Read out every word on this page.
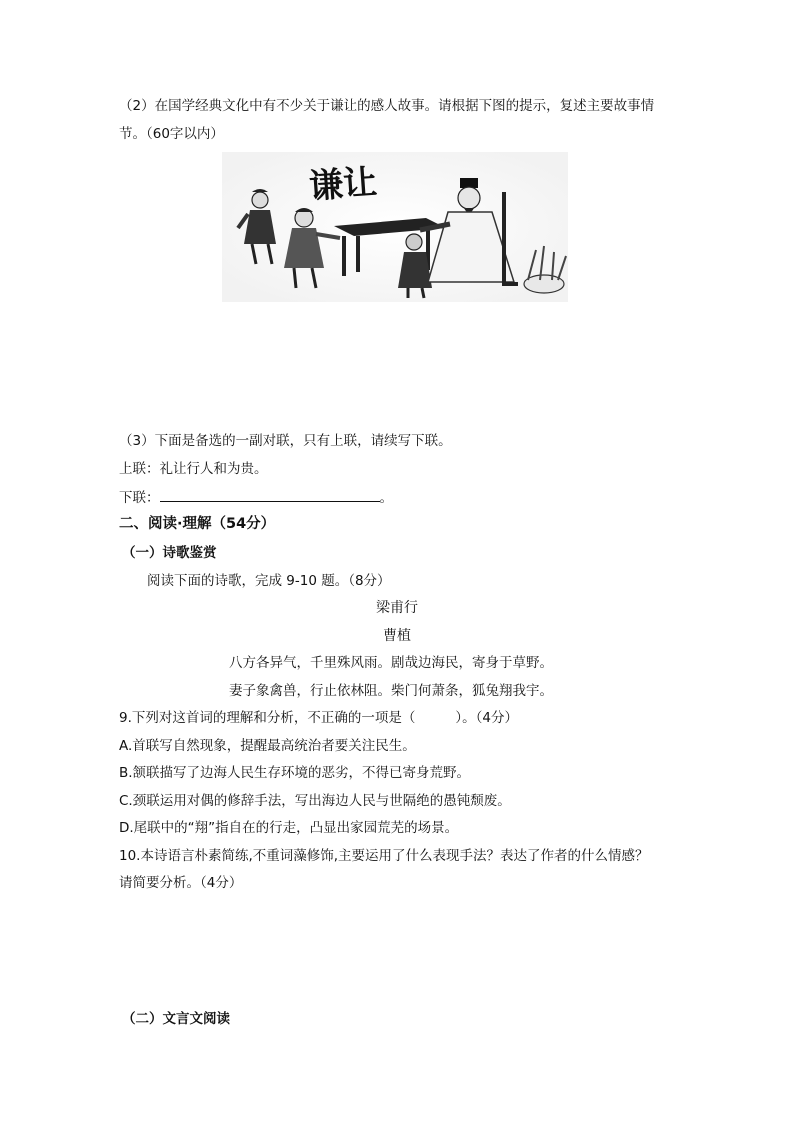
（2）在国学经典文化中有不少关于谦让的感人故事。请根据下图的提示，复述主要故事情
节。（60字以内）
谦让
（3）下面是备选的一副对联，只有上联，请续写下联。
上联：礼让行人和为贵。
下联：	。
二、阅读·理解（54分）
（一）诗歌鉴赏
阅读下面的诗歌，完成 9-10 题。（8分）
梁甫行
曹植
八方各异气，千里殊风雨。剧哉边海民，寄身于草野。
妻子象禽兽，行止依林阻。柴门何萧条，狐兔翔我宇。
9.下列对这首词的理解和分析，不正确的一项是（	）。（4分）
A.首联写自然现象，提醒最高统治者要关注民生。
B.颔联描写了边海人民生存环境的恶劣，不得已寄身荒野。
C.颈联运用对偶的修辞手法，写出海边人民与世隔绝的愚钝颓废。
D.尾联中的“翔”指自在的行走，凸显出家园荒芜的场景。
10.本诗语言朴素简练,不重词藻修饰,主要运用了什么表现手法？表达了作者的什么情感？
请简要分析。（4分）
（二）文言文阅读
